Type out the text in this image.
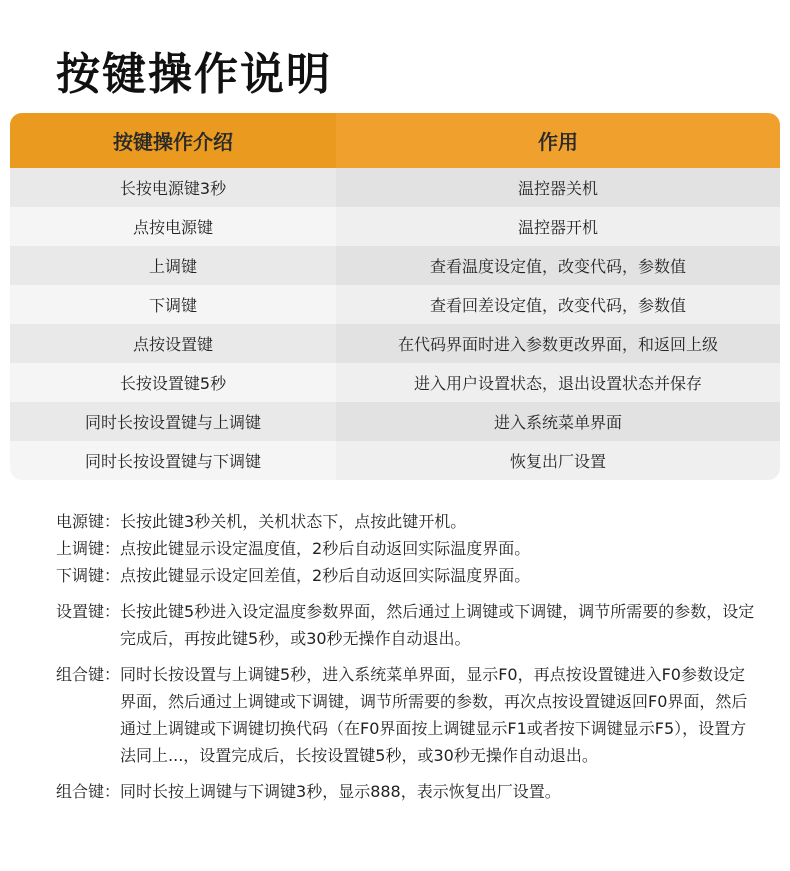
按键操作说明
按键操作介绍	作用
长按电源键3秒	温控器关机
点按电源键	温控器开机
上调键	查看温度设定值，改变代码，参数值
下调键	查看回差设定值，改变代码，参数值
点按设置键	在代码界面时进入参数更改界面，和返回上级
长按设置键5秒	进入用户设置状态，退出设置状态并保存
同时长按设置键与上调键	进入系统菜单界面
同时长按设置键与下调键	恢复出厂设置
电源键： 长按此键3秒关机，关机状态下，点按此键开机。
上调键： 点按此键显示设定温度值，2秒后自动返回实际温度界面。
下调键： 点按此键显示设定回差值，2秒后自动返回实际温度界面。
设置键： 长按此键5秒进入设定温度参数界面，然后通过上调键或下调键，调节所需要的参数，设定完成后，再按此键5秒，或30秒无操作自动退出。
组合键： 同时长按设置与上调键5秒，进入系统菜单界面，显示F0，再点按设置键进入F0参数设定界面，然后通过上调键或下调键，调节所需要的参数，再次点按设置键返回F0界面，然后通过上调键或下调键切换代码（在F0界面按上调键显示F1或者按下调键显示F5），设置方法同上...，设置完成后，长按设置键5秒，或30秒无操作自动退出。
组合键： 同时长按上调键与下调键3秒，显示888，表示恢复出厂设置。
